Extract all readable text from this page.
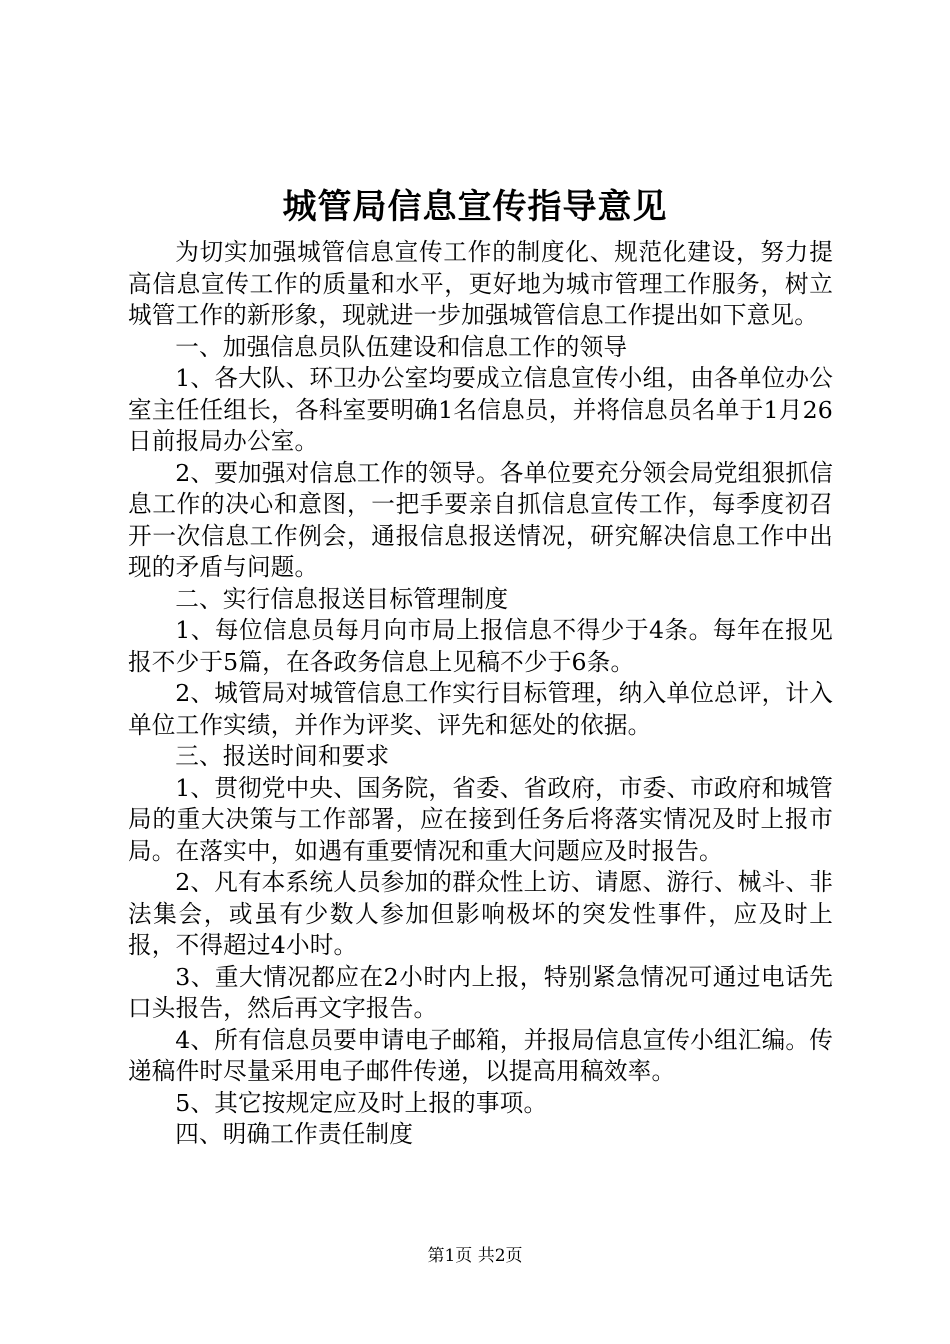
城管局信息宣传指导意见

为切实加强城管信息宣传工作的制度化、规范化建设，努力提高信息宣传工作的质量和水平，更好地为城市管理工作服务，树立城管工作的新形象，现就进一步加强城管信息工作提出如下意见。

一、加强信息员队伍建设和信息工作的领导

1、各大队、环卫办公室均要成立信息宣传小组，由各单位办公室主任任组长，各科室要明确1名信息员，并将信息员名单于1月26日前报局办公室。

2、要加强对信息工作的领导。各单位要充分领会局党组狠抓信息工作的决心和意图，一把手要亲自抓信息宣传工作，每季度初召开一次信息工作例会，通报信息报送情况，研究解决信息工作中出现的矛盾与问题。

二、实行信息报送目标管理制度

1、每位信息员每月向市局上报信息不得少于4条。每年在报见报不少于5篇，在各政务信息上见稿不少于6条。

2、城管局对城管信息工作实行目标管理，纳入单位总评，计入单位工作实绩，并作为评奖、评先和惩处的依据。

三、报送时间和要求

1、贯彻党中央、国务院，省委、省政府，市委、市政府和城管局的重大决策与工作部署，应在接到任务后将落实情况及时上报市局。在落实中，如遇有重要情况和重大问题应及时报告。

2、凡有本系统人员参加的群众性上访、请愿、游行、械斗、非法集会，或虽有少数人参加但影响极坏的突发性事件，应及时上报，不得超过4小时。

3、重大情况都应在2小时内上报，特别紧急情况可通过电话先口头报告，然后再文字报告。

4、所有信息员要申请电子邮箱，并报局信息宣传小组汇编。传递稿件时尽量采用电子邮件传递，以提高用稿效率。

5、其它按规定应及时上报的事项。

四、明确工作责任制度

第1页 共2页
